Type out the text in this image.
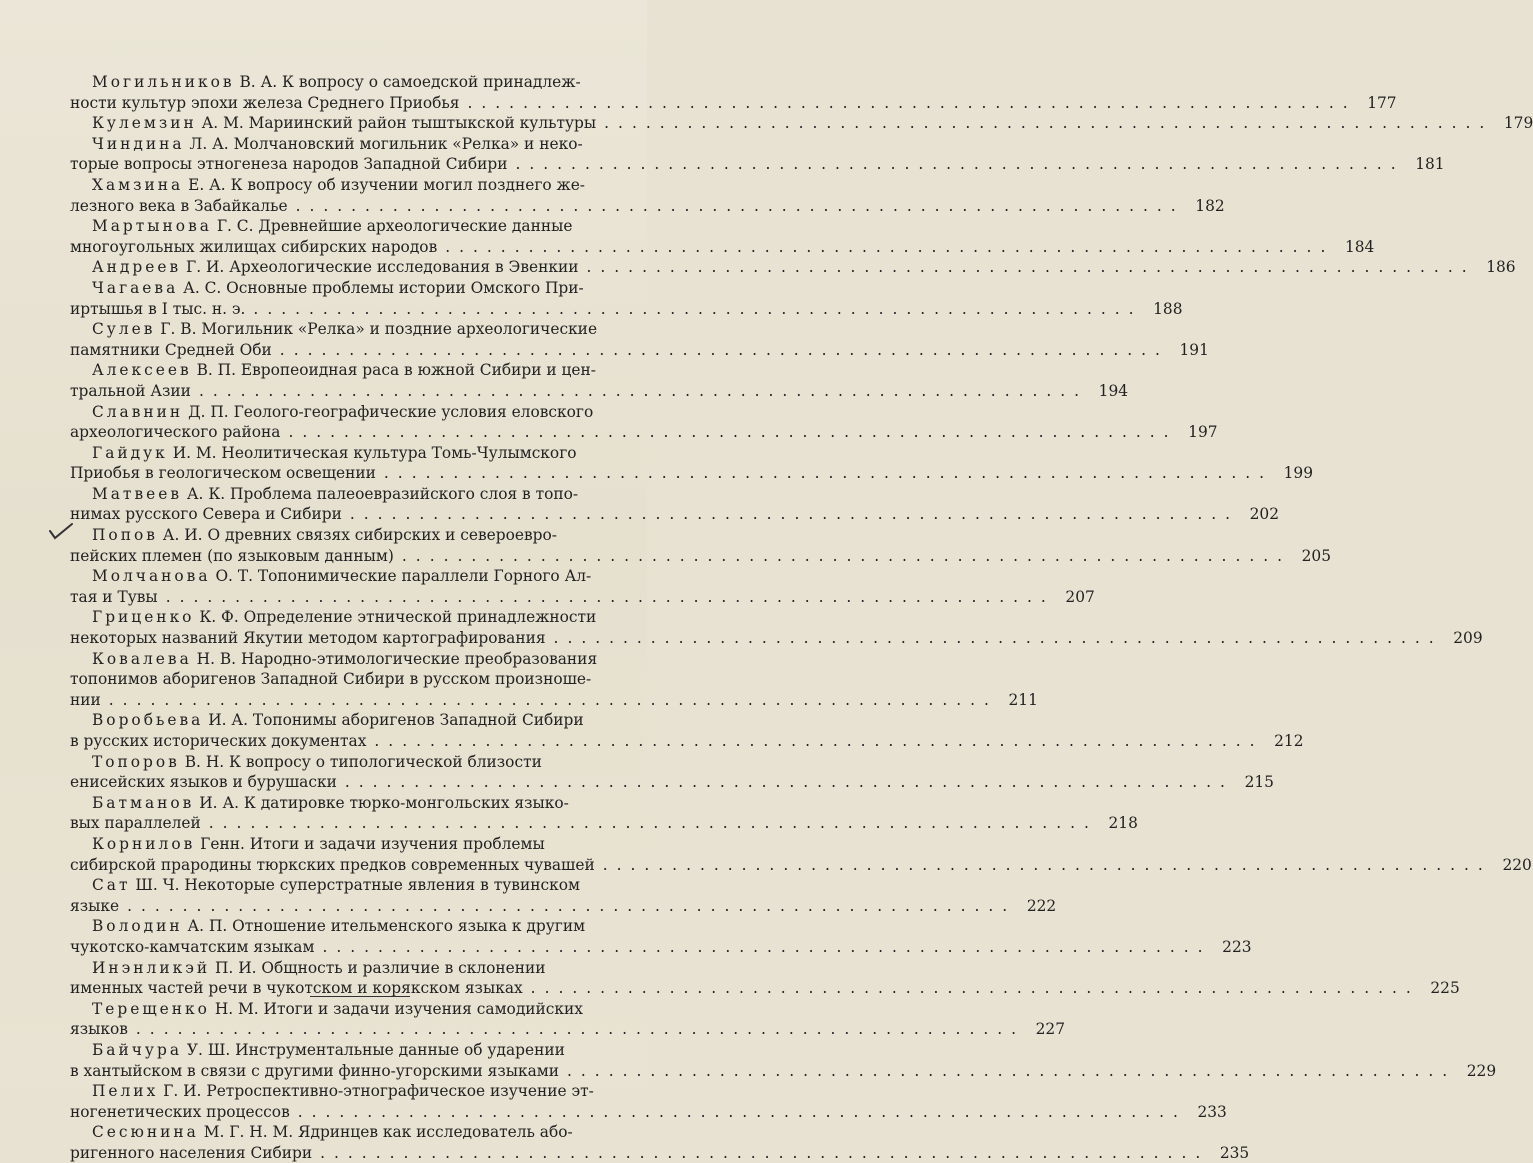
Могильников В. А. К вопросу о самоедской принадлеж-
ности культур эпохи железа Среднего Приобья ................................................................ 177
Кулемзин А. М. Мариинский район тыштыкской культуры ................................................................ 179
Чиндина Л. А. Молчановский могильник «Релка» и неко-
торые вопросы этногенеза народов Западной Сибири ................................................................ 181
Хамзина Е. А. К вопросу об изучении могил позднего же-
лезного века в Забайкалье ................................................................ 182
Мартынова Г. С. Древнейшие археологические данные
многоугольных жилищах сибирских народов ................................................................ 184
Андреев Г. И. Археологические исследования в Эвенкии ................................................................ 186
Чагаева А. С. Основные проблемы истории Омского При-
иртышья в I тыс. н. э. ................................................................ 188
Сулев Г. В. Могильник «Релка» и поздние археологические
памятники Средней Оби ................................................................ 191
Алексеев В. П. Европеоидная раса в южной Сибири и цен-
тральной Азии ................................................................ 194
Славнин Д. П. Геолого-географические условия еловского
археологического района ................................................................ 197
Гайдук И. М. Неолитическая культура Томь-Чулымского
Приобья в геологическом освещении ................................................................ 199
Матвеев А. К. Проблема палеоевразийского слоя в топо-
нимах русского Севера и Сибири ................................................................ 202
Попов А. И. О древних связях сибирских и североевро-
пейских племен (по языковым данным) ................................................................ 205
Молчанова О. Т. Топонимические параллели Горного Ал-
тая и Тувы ................................................................ 207
Гриценко К. Ф. Определение этнической принадлежности
некоторых названий Якутии методом картографирования ................................................................ 209
Ковалева Н. В. Народно-этимологические преобразования
топонимов аборигенов Западной Сибири в русском произноше-
нии ................................................................ 211
Воробьева И. А. Топонимы аборигенов Западной Сибири
в русских исторических документах ................................................................ 212
Топоров В. Н. К вопросу о типологической близости
енисейских языков и бурушаски ................................................................ 215
Батманов И. А. К датировке тюрко-монгольских языко-
вых параллелей ................................................................ 218
Корнилов Генн. Итоги и задачи изучения проблемы
сибирской прародины тюркских предков современных чувашей ................................................................ 220
Сат Ш. Ч. Некоторые суперстратные явления в тувинском
языке ................................................................ 222
Володин А. П. Отношение ительменского языка к другим
чукотско-камчатским языкам ................................................................ 223
Инэнликэй П. И. Общность и различие в склонении
именных частей речи в чукотском и корякском языках ................................................................ 225
Терещенко Н. М. Итоги и задачи изучения самодийских
языков ................................................................ 227
Байчура У. Ш. Инструментальные данные об ударении
в хантыйском в связи с другими финно-угорскими языками ................................................................ 229
Пелих Г. И. Ретроспективно-этнографическое изучение эт-
ногенетических процессов ................................................................ 233
Сесюнина М. Г. Н. М. Ядринцев как исследователь або-
ригенного населения Сибири ................................................................ 235
